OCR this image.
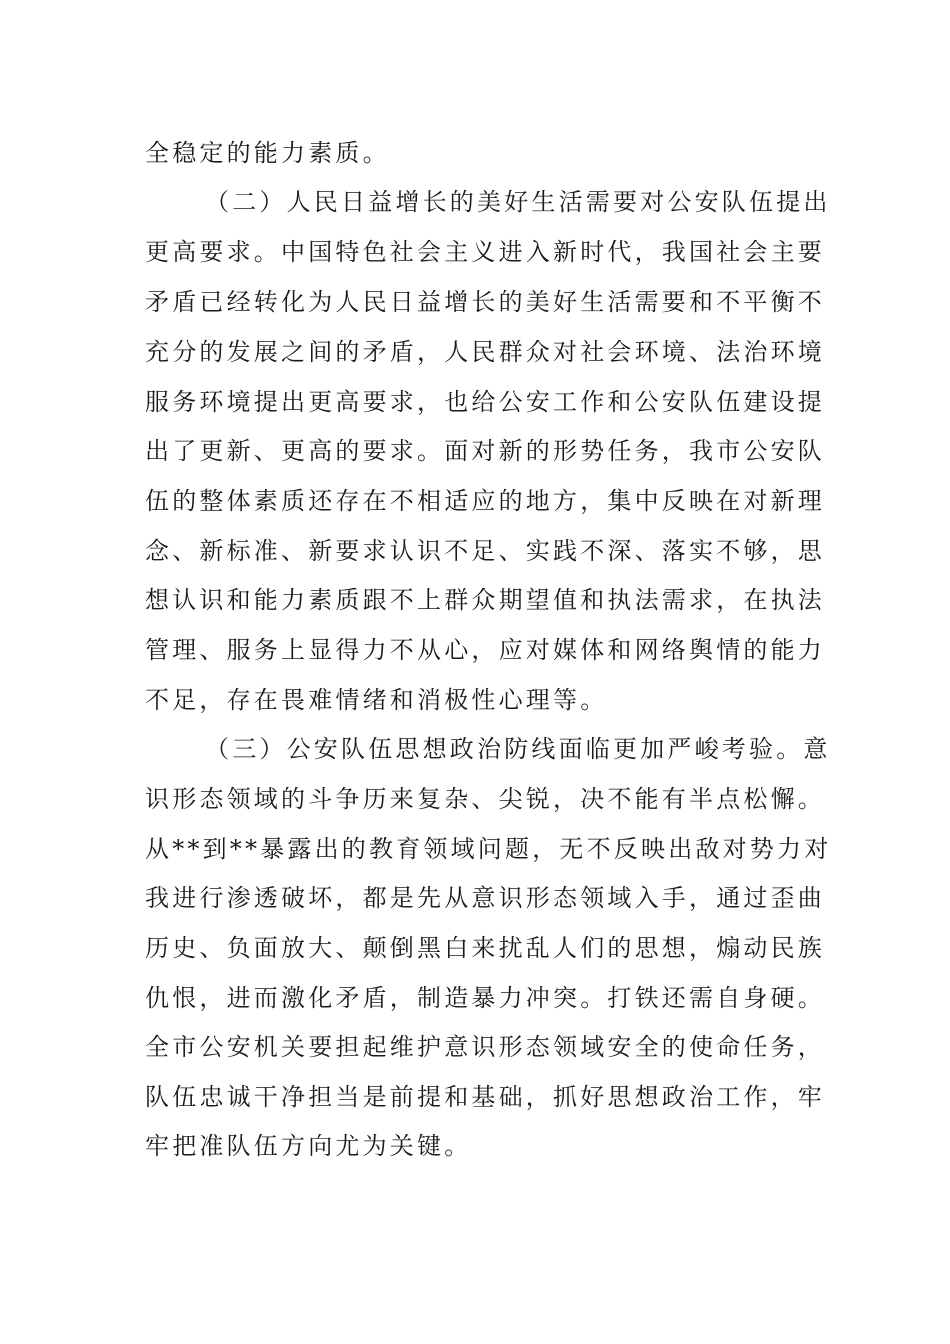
全稳定的能力素质。
（二）人民日益增长的美好生活需要对公安队伍提出
更高要求。中国特色社会主义进入新时代，我国社会主要
矛盾已经转化为人民日益增长的美好生活需要和不平衡不
充分的发展之间的矛盾，人民群众对社会环境、法治环境
服务环境提出更高要求，也给公安工作和公安队伍建设提
出了更新、更高的要求。面对新的形势任务，我市公安队
伍的整体素质还存在不相适应的地方，集中反映在对新理
念、新标准、新要求认识不足、实践不深、落实不够，思
想认识和能力素质跟不上群众期望值和执法需求，在执法
管理、服务上显得力不从心，应对媒体和网络舆情的能力
不足，存在畏难情绪和消极性心理等。
（三）公安队伍思想政治防线面临更加严峻考验。意
识形态领域的斗争历来复杂、尖锐，决不能有半点松懈。
从**到**暴露出的教育领域问题，无不反映出敌对势力对
我进行渗透破坏，都是先从意识形态领域入手，通过歪曲
历史、负面放大、颠倒黑白来扰乱人们的思想，煽动民族
仇恨，进而激化矛盾，制造暴力冲突。打铁还需自身硬。
全市公安机关要担起维护意识形态领域安全的使命任务，
队伍忠诚干净担当是前提和基础，抓好思想政治工作，牢
牢把准队伍方向尤为关键。
